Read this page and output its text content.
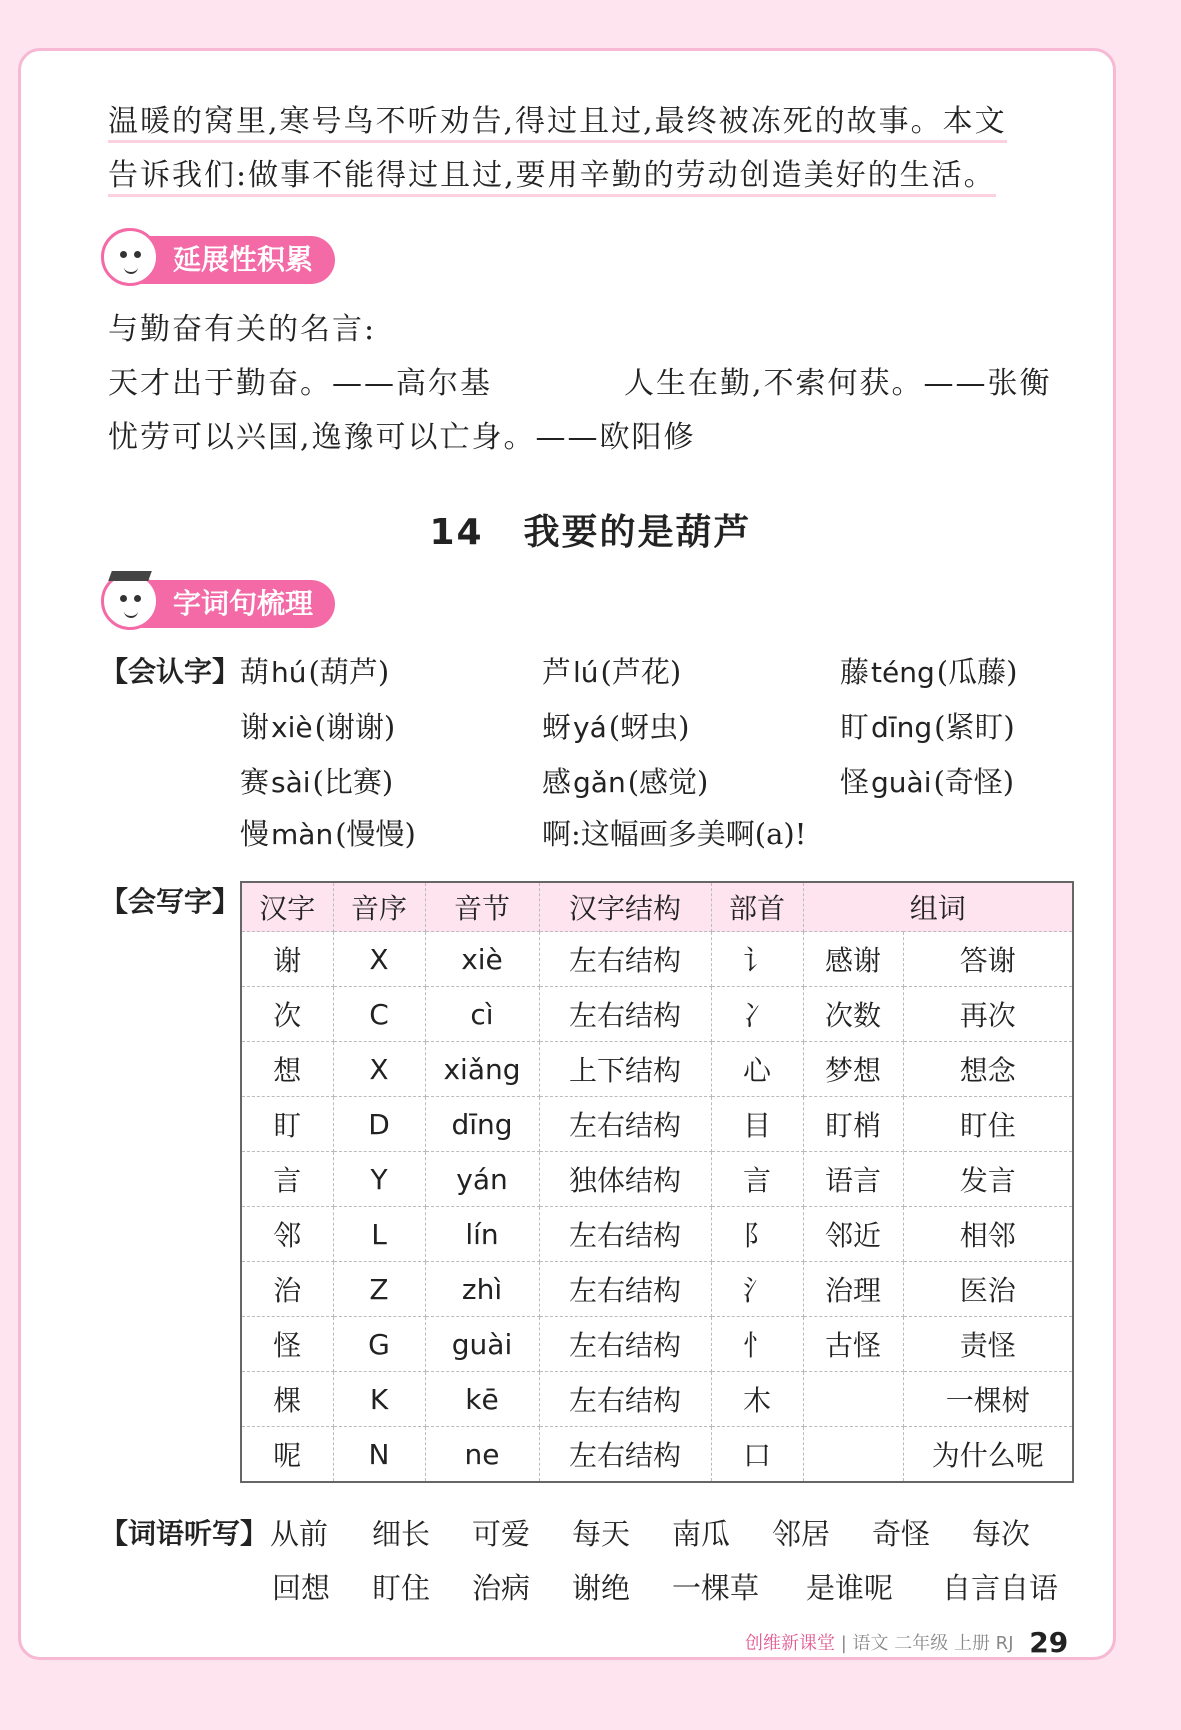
温暖的窝里,寒号鸟不听劝告,得过且过,最终被冻死的故事。本文
告诉我们:做事不能得过且过,要用辛勤的劳动创造美好的生活。
延展性积累
与勤奋有关的名言:
天才出于勤奋。——高尔基	人生在勤,不索何获。——张衡
忧劳可以兴国,逸豫可以亡身。——欧阳修
14 我要的是葫芦
字词句梳理
【会认字】 葫hú(葫芦)	芦lú(芦花)	藤téng(瓜藤)
谢xiè(谢谢)	蚜yá(蚜虫)	盯dīng(紧盯)
赛sài(比赛)	感gǎn(感觉)	怪guài(奇怪)
慢màn(慢慢)	啊:这幅画多美啊(a)!
【会写字】 汉字	音序	音节	汉字结构	部首	组词	
谢	X	xiè	左右结构	讠	感谢	答谢
次	C	cì	左右结构	冫	次数	再次
想	X	xiǎng	上下结构	心	梦想	想念
盯	D	dīng	左右结构	目	盯梢	盯住
言	Y	yán	独体结构	言	语言	发言
邻	L	lín	左右结构	阝	邻近	相邻
治	Z	zhì	左右结构	氵	治理	医治
怪	G	guài	左右结构	忄	古怪	责怪
棵	K	kē	左右结构	木		一棵树
呢	N	ne	左右结构	口		为什么呢
【词语听写】 从前 细长 可爱 每天 南瓜 邻居 奇怪 每次
回想 盯住 治病 谢绝 一棵草 是谁呢 自言自语
创维新课堂 | 语文 二年级 上册 RJ 29
